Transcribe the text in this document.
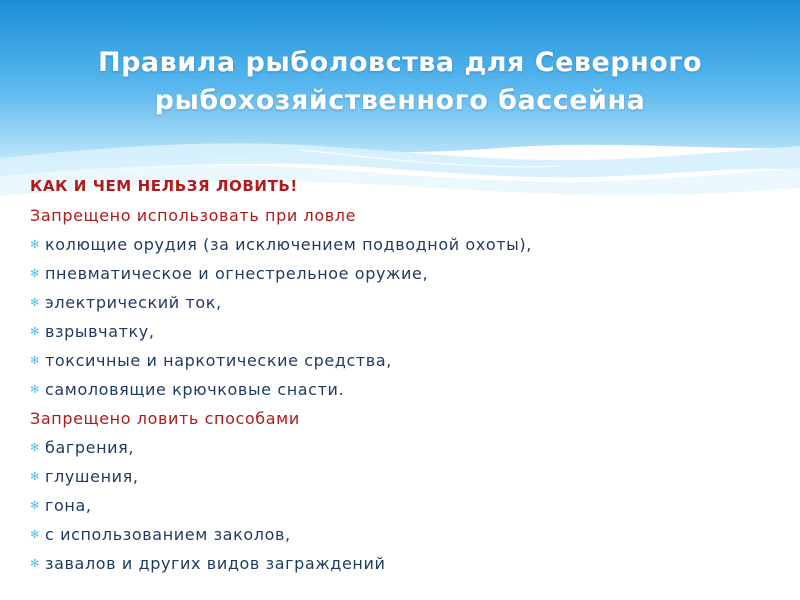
Правила рыболовства для Северного
рыбохозяйственного бассейна

КАК И ЧЕМ НЕЛЬЗЯ ЛОВИТЬ!

Запрещено использовать при ловле

✻ колющие орудия (за исключением подводной охоты),
✻ пневматическое и огнестрельное оружие,
✻ электрический ток,
✻ взрывчатку,
✻ токсичные и наркотические средства,
✻ самоловящие крючковые снасти.

Запрещено ловить способами

✻ багрения,
✻ глушения,
✻ гона,
✻ с использованием заколов,
✻ завалов и других видов заграждений
